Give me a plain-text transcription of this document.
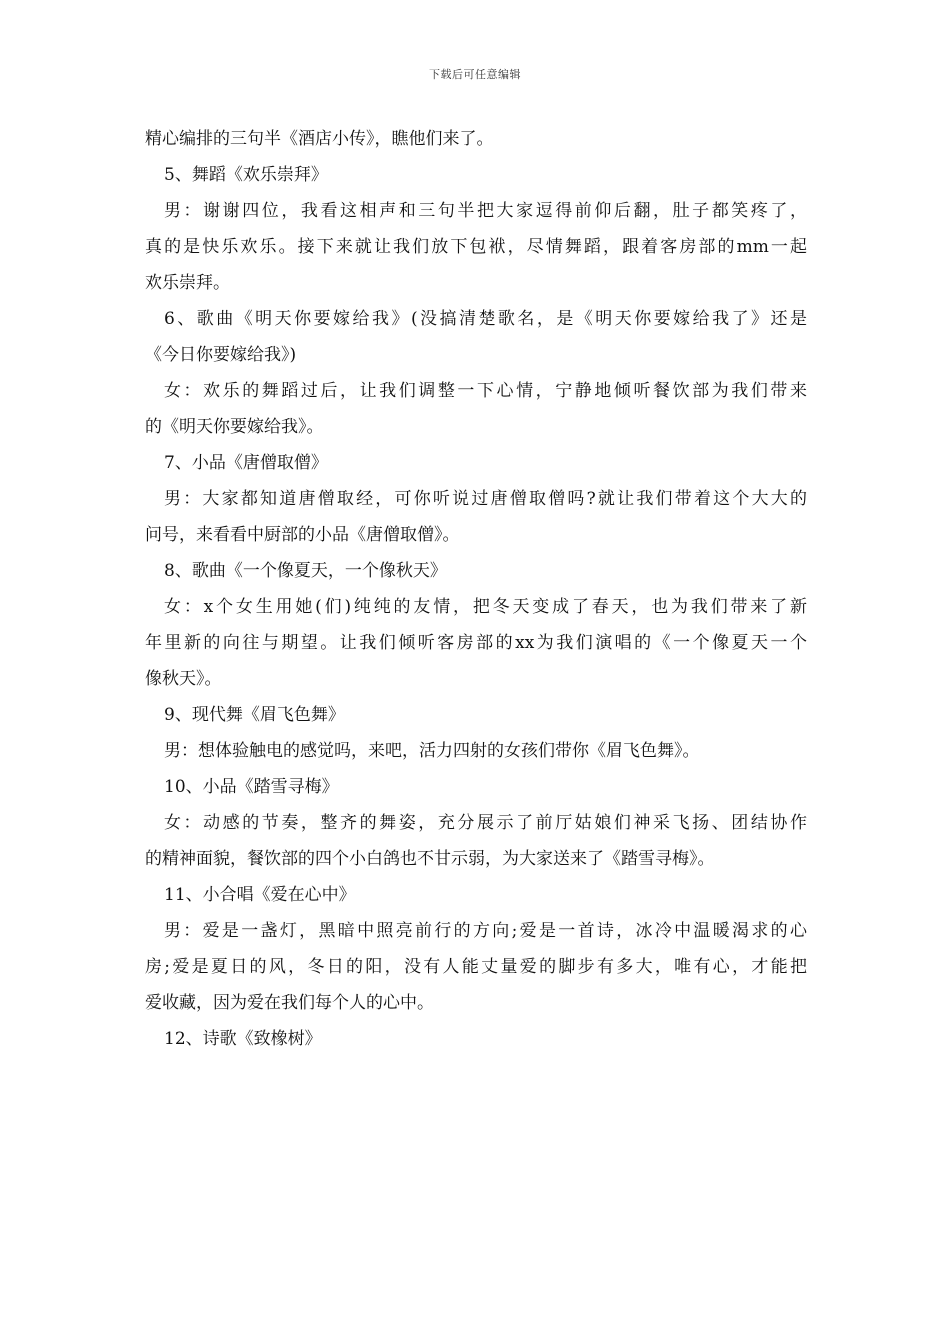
下载后可任意编辑
精心编排的三句半《酒店小传》，瞧他们来了。
5、舞蹈《欢乐崇拜》
男：谢谢四位，我看这相声和三句半把大家逗得前仰后翻，肚子都笑疼了，
真的是快乐欢乐。接下来就让我们放下包袱，尽情舞蹈，跟着客房部的mm一起
欢乐崇拜。
6、歌曲《明天你要嫁给我》(没搞清楚歌名，是《明天你要嫁给我了》还是
《今日你要嫁给我》)
女：欢乐的舞蹈过后，让我们调整一下心情，宁静地倾听餐饮部为我们带来
的《明天你要嫁给我》。
7、小品《唐僧取僧》
男：大家都知道唐僧取经，可你听说过唐僧取僧吗?就让我们带着这个大大的
问号，来看看中厨部的小品《唐僧取僧》。
8、歌曲《一个像夏天，一个像秋天》
女：x个女生用她(们)纯纯的友情，把冬天变成了春天，也为我们带来了新
年里新的向往与期望。让我们倾听客房部的xx为我们演唱的《一个像夏天一个
像秋天》。
9、现代舞《眉飞色舞》
男：想体验触电的感觉吗，来吧，活力四射的女孩们带你《眉飞色舞》。
10、小品《踏雪寻梅》
女：动感的节奏，整齐的舞姿，充分展示了前厅姑娘们神采飞扬、团结协作
的精神面貌，餐饮部的四个小白鸽也不甘示弱，为大家送来了《踏雪寻梅》。
11、小合唱《爱在心中》
男：爱是一盏灯，黑暗中照亮前行的方向;爱是一首诗，冰冷中温暖渴求的心
房;爱是夏日的风，冬日的阳，没有人能丈量爱的脚步有多大，唯有心，才能把
爱收藏，因为爱在我们每个人的心中。
12、诗歌《致橡树》
